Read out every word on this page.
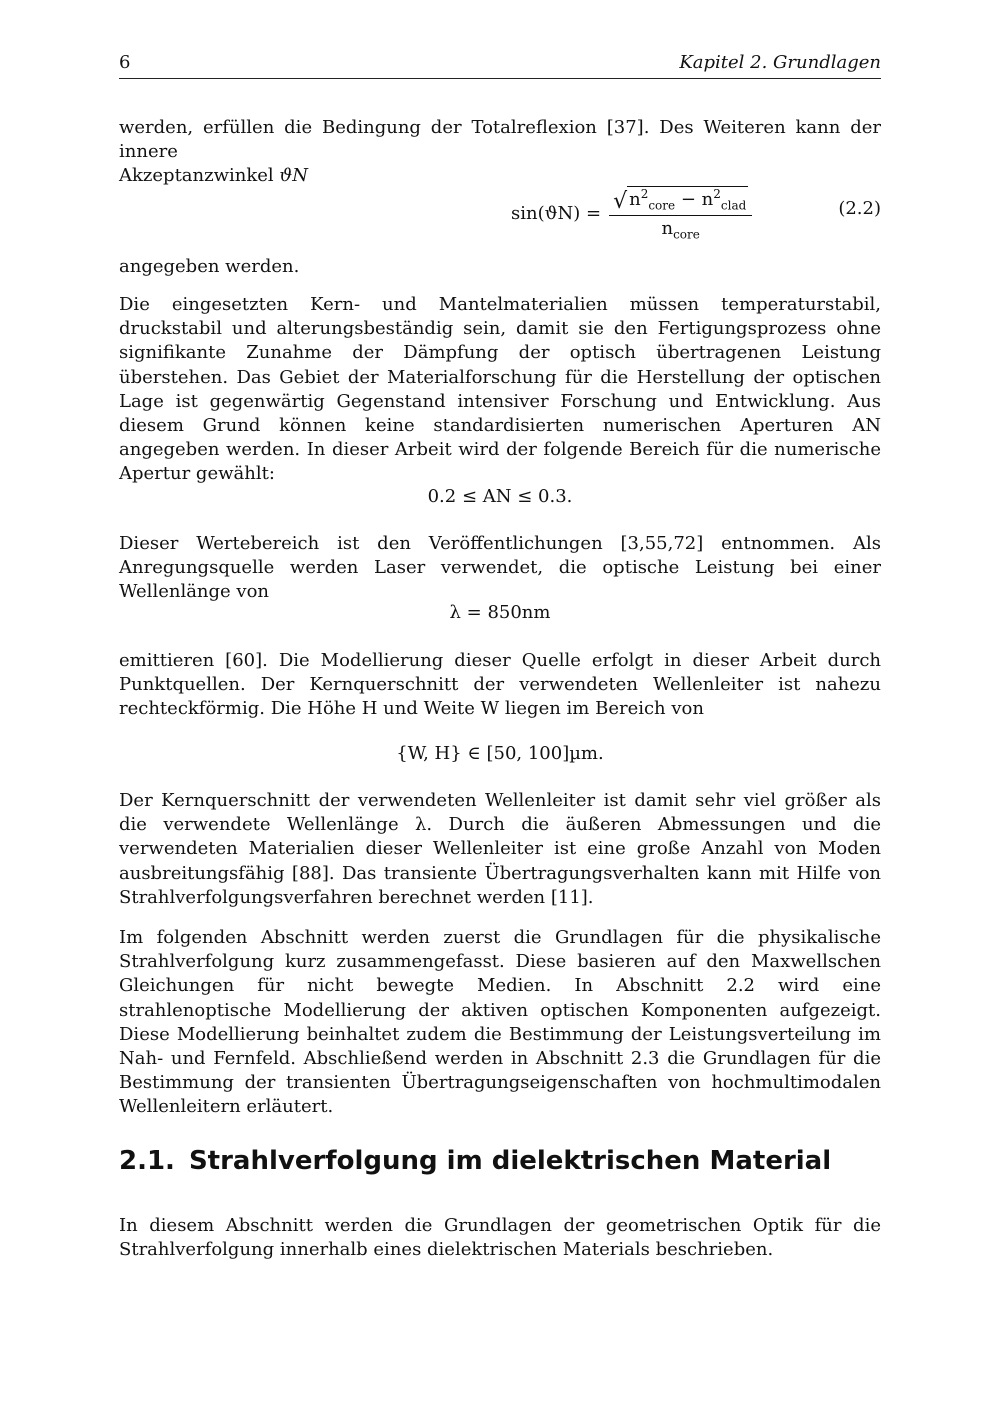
6	Kapitel 2. Grundlagen

werden, erfüllen die Bedingung der Totalreflexion [37]. Des Weiteren kann der innere
Akzeptanzwinkel ϑN

$\sin(ϑN) = \frac{√ n^2_{core} - n^2_{clad}}{n_{core}}$	(2.2)

angegeben werden.

Die eingesetzten Kern- und Mantelmaterialien müssen temperaturstabil, druckstabil und alterungsbeständig sein, damit sie den Fertigungsprozess ohne signifikante Zunahme der Dämpfung der optisch übertragenen Leistung überstehen. Das Gebiet der Materialforschung für die Herstellung der optischen Lage ist gegenwärtig Gegenstand intensiver Forschung und Entwicklung. Aus diesem Grund können keine standardisierten numerischen Aperturen AN angegeben werden. In dieser Arbeit wird der folgende Bereich für die numerische Apertur gewählt:

0.2 ≤ AN ≤ 0.3.

Dieser Wertebereich ist den Veröffentlichungen [3,55,72] entnommen. Als Anregungsquelle werden Laser verwendet, die optische Leistung bei einer Wellenlänge von

λ = 850nm

emittieren [60]. Die Modellierung dieser Quelle erfolgt in dieser Arbeit durch Punktquellen. Der Kernquerschnitt der verwendeten Wellenleiter ist nahezu rechteckförmig. Die Höhe H und Weite W liegen im Bereich von

{W, H} ∈ [50, 100]µm.

Der Kernquerschnitt der verwendeten Wellenleiter ist damit sehr viel größer als die verwendete Wellenlänge λ. Durch die äußeren Abmessungen und die verwendeten Materialien dieser Wellenleiter ist eine große Anzahl von Moden ausbreitungsfähig [88]. Das transiente Übertragungsverhalten kann mit Hilfe von Strahlverfolgungsverfahren berechnet werden [11].

Im folgenden Abschnitt werden zuerst die Grundlagen für die physikalische Strahlverfolgung kurz zusammengefasst. Diese basieren auf den Maxwellschen Gleichungen für nicht bewegte Medien. In Abschnitt 2.2 wird eine strahlenoptische Modellierung der aktiven optischen Komponenten aufgezeigt. Diese Modellierung beinhaltet zudem die Bestimmung der Leistungsverteilung im Nah- und Fernfeld. Abschließend werden in Abschnitt 2.3 die Grundlagen für die Bestimmung der transienten Übertragungseigenschaften von hochmultimodalen Wellenleitern erläutert.

2.1. Strahlverfolgung im dielektrischen Material

In diesem Abschnitt werden die Grundlagen der geometrischen Optik für die Strahlverfolgung innerhalb eines dielektrischen Materials beschrieben.
